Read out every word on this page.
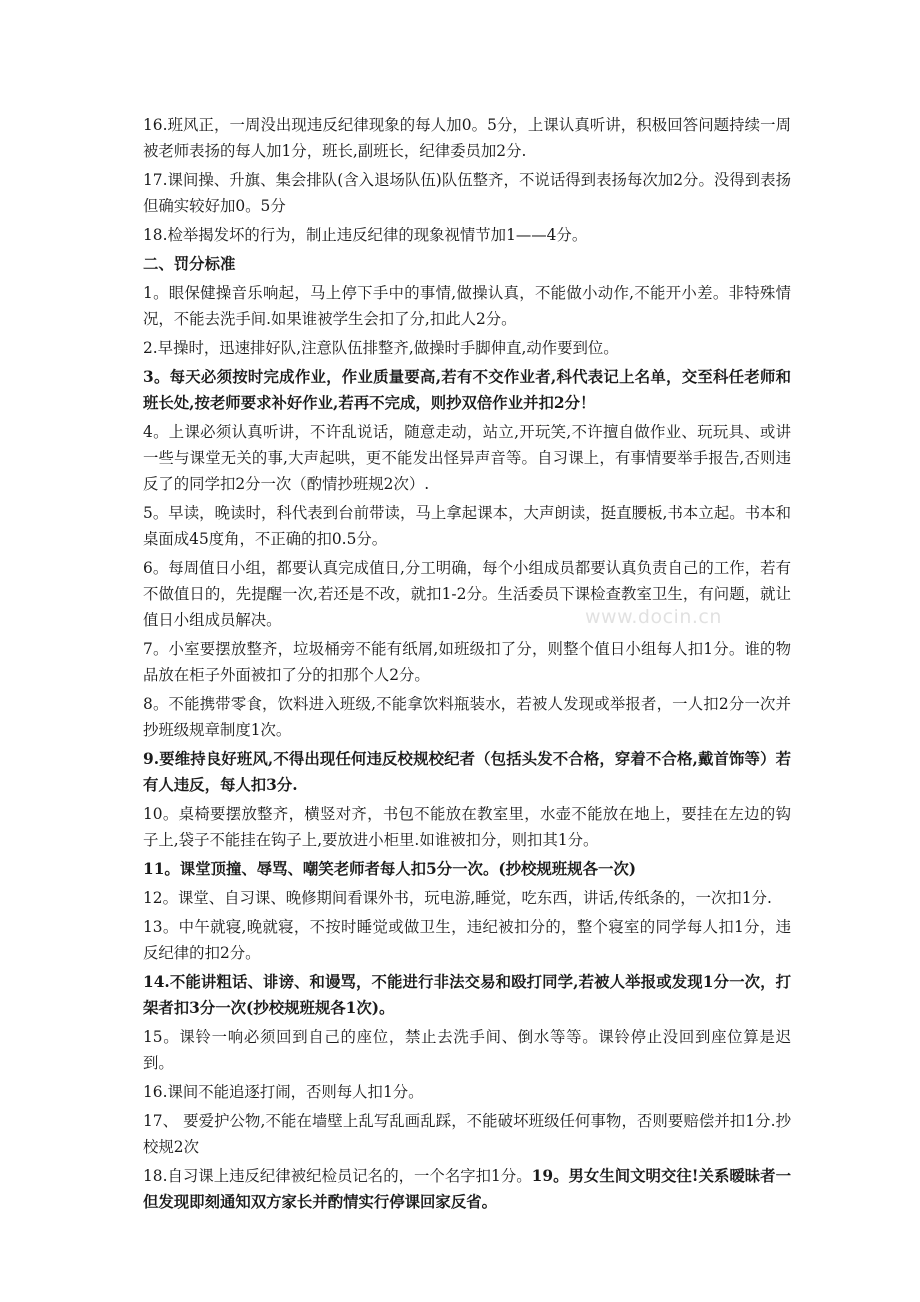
16.班风正，一周没出现违反纪律现象的每人加0。5分，上课认真听讲，积极回答问题持续一周被老师表扬的每人加1分，班长,副班长，纪律委员加2分.

17.课间操、升旗、集会排队(含入退场队伍)队伍整齐，不说话得到表扬每次加2分。没得到表扬但确实较好加0。5分

18.检举揭发坏的行为，制止违反纪律的现象视情节加1——4分。

二、罚分标准

1。眼保健操音乐响起，马上停下手中的事情,做操认真，不能做小动作,不能开小差。非特殊情况，不能去洗手间.如果谁被学生会扣了分,扣此人2分。

2.早操时，迅速排好队,注意队伍排整齐,做操时手脚伸直,动作要到位。

3。每天必须按时完成作业，作业质量要高,若有不交作业者,科代表记上名单，交至科任老师和班长处,按老师要求补好作业,若再不完成，则抄双倍作业并扣2分！

4。上课必须认真听讲，不许乱说话，随意走动，站立,开玩笑,不许擅自做作业、玩玩具、或讲一些与课堂无关的事,大声起哄，更不能发出怪异声音等。自习课上，有事情要举手报告,否则违反了的同学扣2分一次（酌情抄班规2次）.

5。早读，晚读时，科代表到台前带读，马上拿起课本，大声朗读，挺直腰板,书本立起。书本和桌面成45度角，不正确的扣0.5分。

6。每周值日小组，都要认真完成值日,分工明确，每个小组成员都要认真负责自己的工作，若有不做值日的，先提醒一次,若还是不改，就扣1-2分。生活委员下课检查教室卫生，有问题，就让值日小组成员解决。

7。小室要摆放整齐，垃圾桶旁不能有纸屑,如班级扣了分，则整个值日小组每人扣1分。谁的物品放在柜子外面被扣了分的扣那个人2分。

8。不能携带零食，饮料进入班级,不能拿饮料瓶装水，若被人发现或举报者，一人扣2分一次并抄班级规章制度1次。

9.要维持良好班风,不得出现任何违反校规校纪者（包括头发不合格，穿着不合格,戴首饰等）若有人违反，每人扣3分.

10。桌椅要摆放整齐，横竖对齐，书包不能放在教室里，水壶不能放在地上，要挂在左边的钩子上,袋子不能挂在钩子上,要放进小柜里.如谁被扣分，则扣其1分。

11。课堂顶撞、辱骂、嘲笑老师者每人扣5分一次。(抄校规班规各一次)

12。课堂、自习课、晚修期间看课外书，玩电游,睡觉，吃东西，讲话,传纸条的，一次扣1分.

13。中午就寝,晚就寝，不按时睡觉或做卫生，违纪被扣分的，整个寝室的同学每人扣1分，违反纪律的扣2分。

14.不能讲粗话、诽谤、和谩骂，不能进行非法交易和殴打同学,若被人举报或发现1分一次，打架者扣3分一次(抄校规班规各1次)。

15。课铃一响必须回到自己的座位，禁止去洗手间、倒水等等。课铃停止没回到座位算是迟到。

16.课间不能追逐打闹，否则每人扣1分。

17、 要爱护公物,不能在墙壁上乱写乱画乱踩，不能破坏班级任何事物，否则要赔偿并扣1分.抄校规2次

18.自习课上违反纪律被纪检员记名的，一个名字扣1分。19。男女生间文明交往!关系暧昧者一但发现即刻通知双方家长并酌情实行停课回家反省。

www.docin.cn
